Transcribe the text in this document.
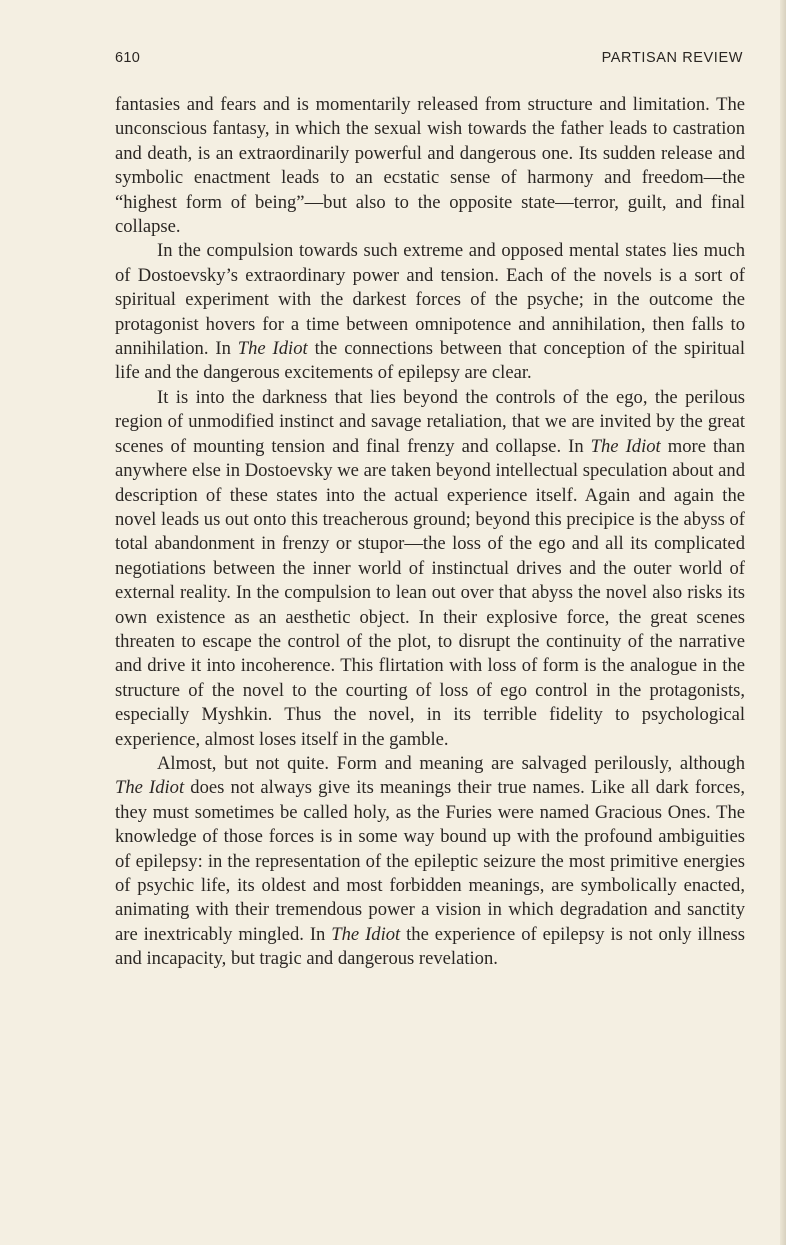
610	PARTISAN REVIEW

fantasies and fears and is momentarily released from structure and limitation. The unconscious fantasy, in which the sexual wish towards the father leads to castration and death, is an extraordinarily powerful and dangerous one. Its sudden release and symbolic enactment leads to an ecstatic sense of harmony and freedom—the “highest form of being”—but also to the opposite state—terror, guilt, and final collapse.

In the compulsion towards such extreme and opposed mental states lies much of Dostoevsky’s extraordinary power and tension. Each of the novels is a sort of spiritual experiment with the darkest forces of the psyche; in the outcome the protagonist hovers for a time between omnipotence and annihilation, then falls to annihilation. In The Idiot the connections between that conception of the spiritual life and the dangerous excitements of epilepsy are clear.

It is into the darkness that lies beyond the controls of the ego, the perilous region of unmodified instinct and savage retaliation, that we are invited by the great scenes of mounting tension and final frenzy and collapse. In The Idiot more than anywhere else in Dostoevsky we are taken beyond intellectual speculation about and description of these states into the actual experience itself. Again and again the novel leads us out onto this treacherous ground; beyond this precipice is the abyss of total abandonment in frenzy or stupor—the loss of the ego and all its complicated negotiations between the inner world of instinctual drives and the outer world of external reality. In the compulsion to lean out over that abyss the novel also risks its own existence as an aesthetic object. In their explosive force, the great scenes threaten to escape the control of the plot, to disrupt the continuity of the narrative and drive it into incoherence. This flirtation with loss of form is the analogue in the structure of the novel to the courting of loss of ego control in the protagonists, especially Myshkin. Thus the novel, in its terrible fidelity to psychological experience, almost loses itself in the gamble.

Almost, but not quite. Form and meaning are salvaged perilously, although The Idiot does not always give its meanings their true names. Like all dark forces, they must sometimes be called holy, as the Furies were named Gracious Ones. The knowledge of those forces is in some way bound up with the profound ambiguities of epilepsy: in the representation of the epileptic seizure the most primitive energies of psychic life, its oldest and most forbidden meanings, are symbolically enacted, animating with their tremendous power a vision in which degradation and sanctity are inextricably mingled. In The Idiot the experience of epilepsy is not only illness and incapacity, but tragic and dangerous revelation.
